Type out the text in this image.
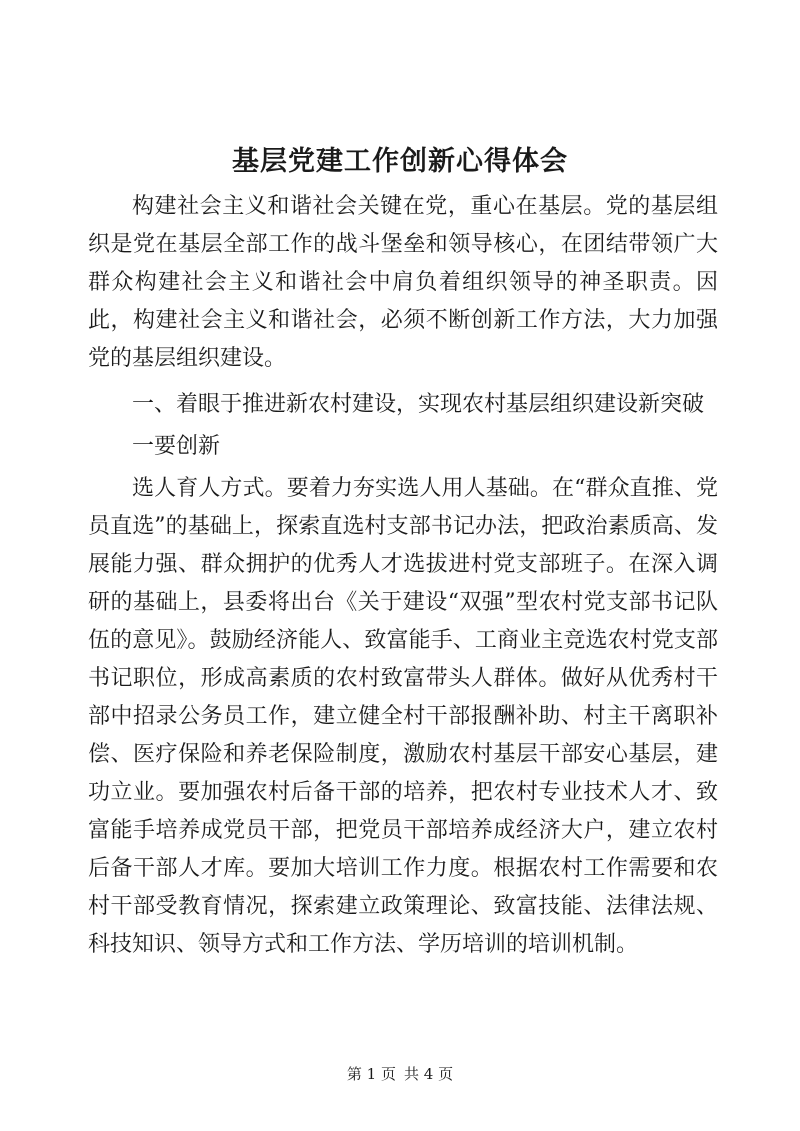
基层党建工作创新心得体会

构建社会主义和谐社会关键在党，重心在基层。党的基层组织是党在基层全部工作的战斗堡垒和领导核心，在团结带领广大群众构建社会主义和谐社会中肩负着组织领导的神圣职责。因此，构建社会主义和谐社会，必须不断创新工作方法，大力加强党的基层组织建设。

一、着眼于推进新农村建设，实现农村基层组织建设新突破

一要创新

选人育人方式。要着力夯实选人用人基础。在“群众直推、党员直选”的基础上，探索直选村支部书记办法，把政治素质高、发展能力强、群众拥护的优秀人才选拔进村党支部班子。在深入调研的基础上，县委将出台《关于建设“双强”型农村党支部书记队伍的意见》。鼓励经济能人、致富能手、工商业主竞选农村党支部书记职位，形成高素质的农村致富带头人群体。做好从优秀村干部中招录公务员工作，建立健全村干部报酬补助、村主干离职补偿、医疗保险和养老保险制度，激励农村基层干部安心基层，建功立业。要加强农村后备干部的培养，把农村专业技术人才、致富能手培养成党员干部，把党员干部培养成经济大户，建立农村后备干部人才库。要加大培训工作力度。根据农村工作需要和农村干部受教育情况，探索建立政策理论、致富技能、法律法规、科技知识、领导方式和工作方法、学历培训的培训机制。

第 1 页 共 4 页
